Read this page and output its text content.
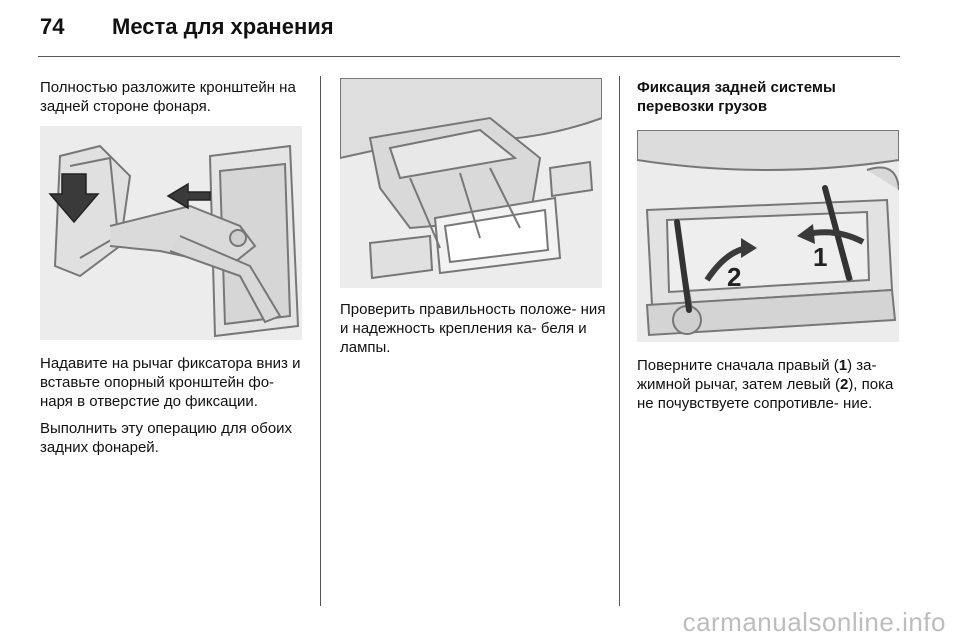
74 Места для хранения

Полностью разложите кронштейн на задней стороне фонаря.

Надавите на рычаг фиксатора вниз и вставьте опорный кронштейн фо- наря в отверстие до фиксации.

Выполнить эту операцию для обоих задних фонарей.

Проверить правильность положе- ния и надежность крепления ка- беля и лампы.

Фиксация задней системы перевозки грузов
2
1

Поверните сначала правый (1) за- жимной рычаг, затем левый (2), пока не почувствуете сопротивле- ние.

carmanualsonline.info
